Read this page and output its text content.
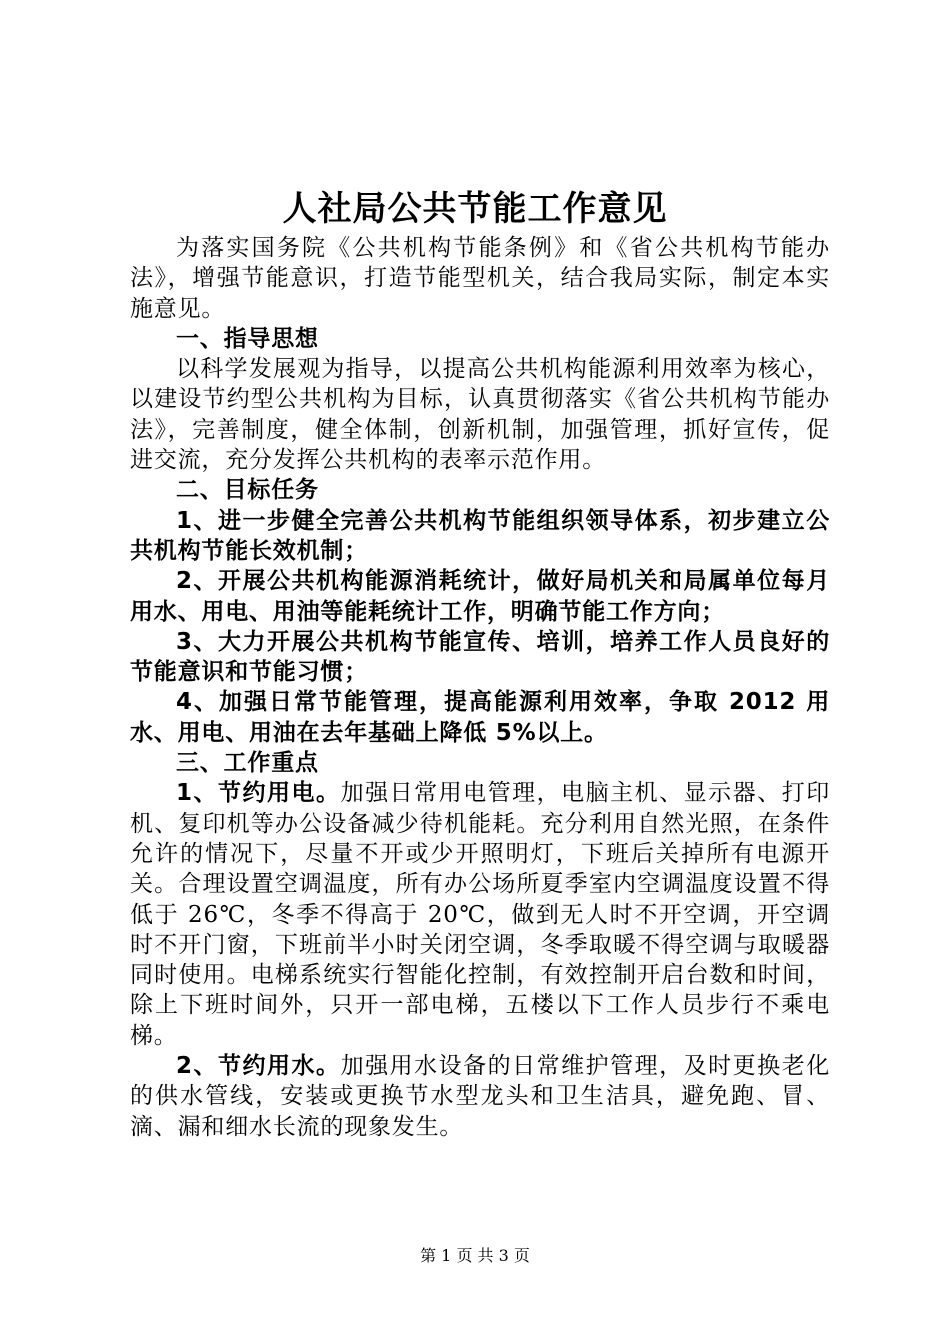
人社局公共节能工作意见

为落实国务院《公共机构节能条例》和《省公共机构节能办法》，增强节能意识，打造节能型机关，结合我局实际，制定本实施意见。

一、指导思想

以科学发展观为指导，以提高公共机构能源利用效率为核心，以建设节约型公共机构为目标，认真贯彻落实《省公共机构节能办法》，完善制度，健全体制，创新机制，加强管理，抓好宣传，促进交流，充分发挥公共机构的表率示范作用。

二、目标任务

1、进一步健全完善公共机构节能组织领导体系，初步建立公共机构节能长效机制；

2、开展公共机构能源消耗统计，做好局机关和局属单位每月用水、用电、用油等能耗统计工作，明确节能工作方向；

3、大力开展公共机构节能宣传、培训，培养工作人员良好的节能意识和节能习惯；

4、加强日常节能管理，提高能源利用效率，争取 2012 用水、用电、用油在去年基础上降低 5%以上。

三、工作重点

1、节约用电。加强日常用电管理，电脑主机、显示器、打印机、复印机等办公设备减少待机能耗。充分利用自然光照，在条件允许的情况下，尽量不开或少开照明灯，下班后关掉所有电源开关。合理设置空调温度，所有办公场所夏季室内空调温度设置不得低于 26℃，冬季不得高于 20℃，做到无人时不开空调，开空调时不开门窗，下班前半小时关闭空调，冬季取暖不得空调与取暖器同时使用。电梯系统实行智能化控制，有效控制开启台数和时间，除上下班时间外，只开一部电梯，五楼以下工作人员步行不乘电梯。

2、节约用水。加强用水设备的日常维护管理，及时更换老化的供水管线，安装或更换节水型龙头和卫生洁具，避免跑、冒、滴、漏和细水长流的现象发生。

第 1 页 共 3 页
